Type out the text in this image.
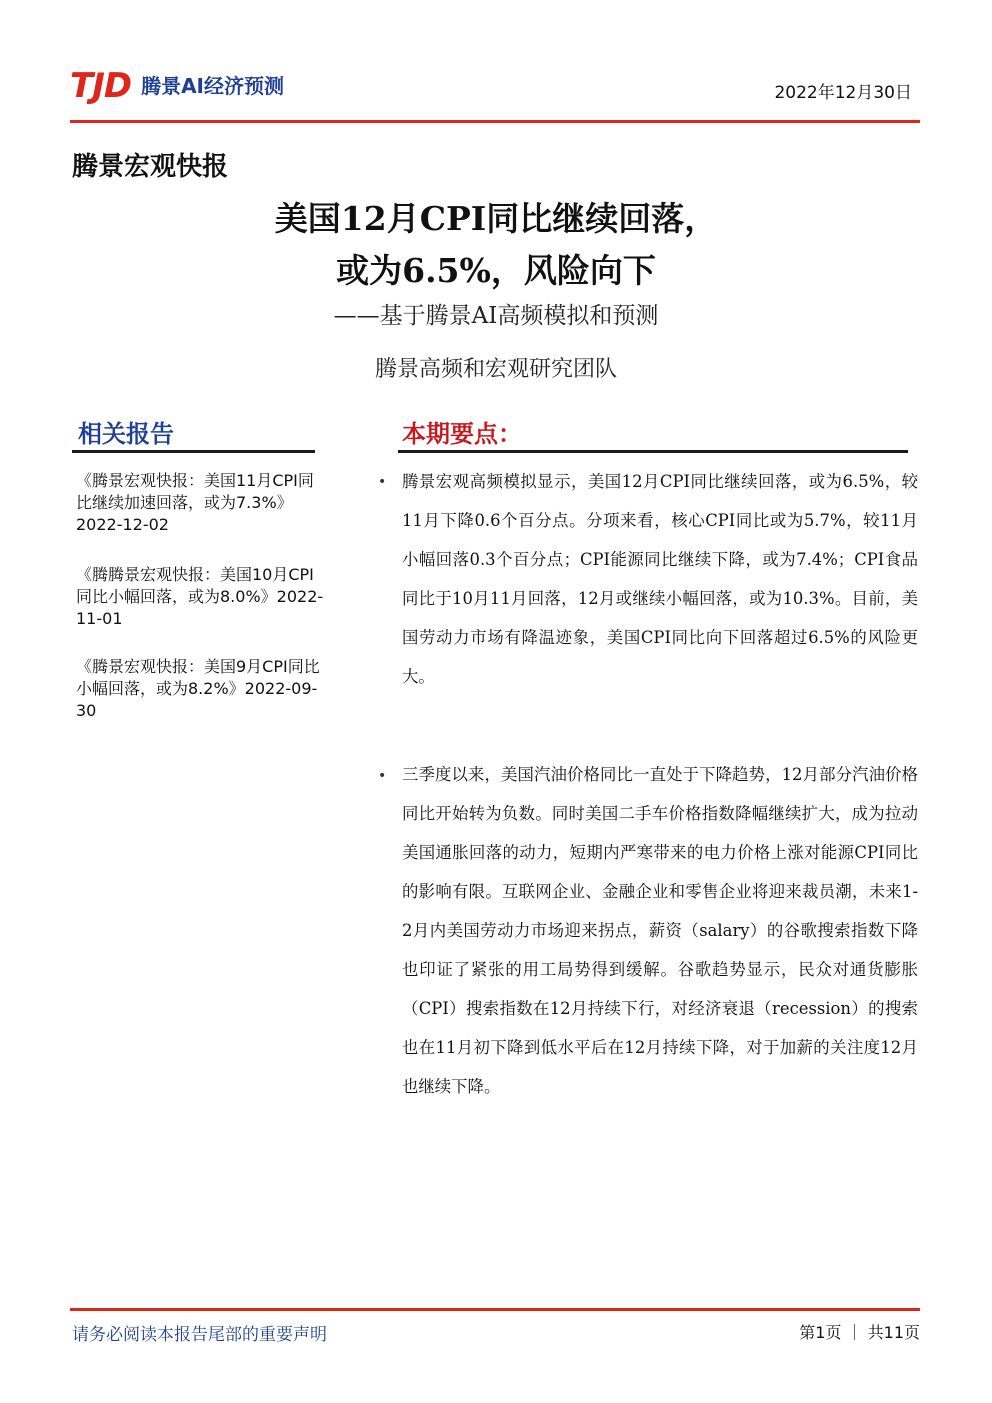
TJD 腾景AI经济预测	2022年12月30日
腾景宏观快报
美国12月CPI同比继续回落，
或为6.5%，风险向下
——基于腾景AI高频模拟和预测
腾景高频和宏观研究团队
相关报告
《腾景宏观快报：美国11月CPI同比继续加速回落，或为7.3%》2022-12-02
《腾腾景宏观快报：美国10月CPI同比小幅回落，或为8.0%》2022-11-01
《腾景宏观快报：美国9月CPI同比小幅回落，或为8.2%》2022-09-30
本期要点：
• 腾景宏观高频模拟显示，美国12月CPI同比继续回落，或为6.5%，较11月下降0.6个百分点。分项来看，核心CPI同比或为5.7%，较11月小幅回落0.3个百分点；CPI能源同比继续下降，或为7.4%；CPI食品同比于10月11月回落，12月或继续小幅回落，或为10.3%。目前，美国劳动力市场有降温迹象，美国CPI同比向下回落超过6.5%的风险更大。
• 三季度以来，美国汽油价格同比一直处于下降趋势，12月部分汽油价格同比开始转为负数。同时美国二手车价格指数降幅继续扩大，成为拉动美国通胀回落的动力，短期内严寒带来的电力价格上涨对能源CPI同比的影响有限。互联网企业、金融企业和零售企业将迎来裁员潮，未来1-2月内美国劳动力市场迎来拐点，薪资（salary）的谷歌搜索指数下降也印证了紧张的用工局势得到缓解。谷歌趋势显示，民众对通货膨胀（CPI）搜索指数在12月持续下行，对经济衰退（recession）的搜索也在11月初下降到低水平后在12月持续下降，对于加薪的关注度12月也继续下降。
请务必阅读本报告尾部的重要声明	第1页 ｜ 共11页
